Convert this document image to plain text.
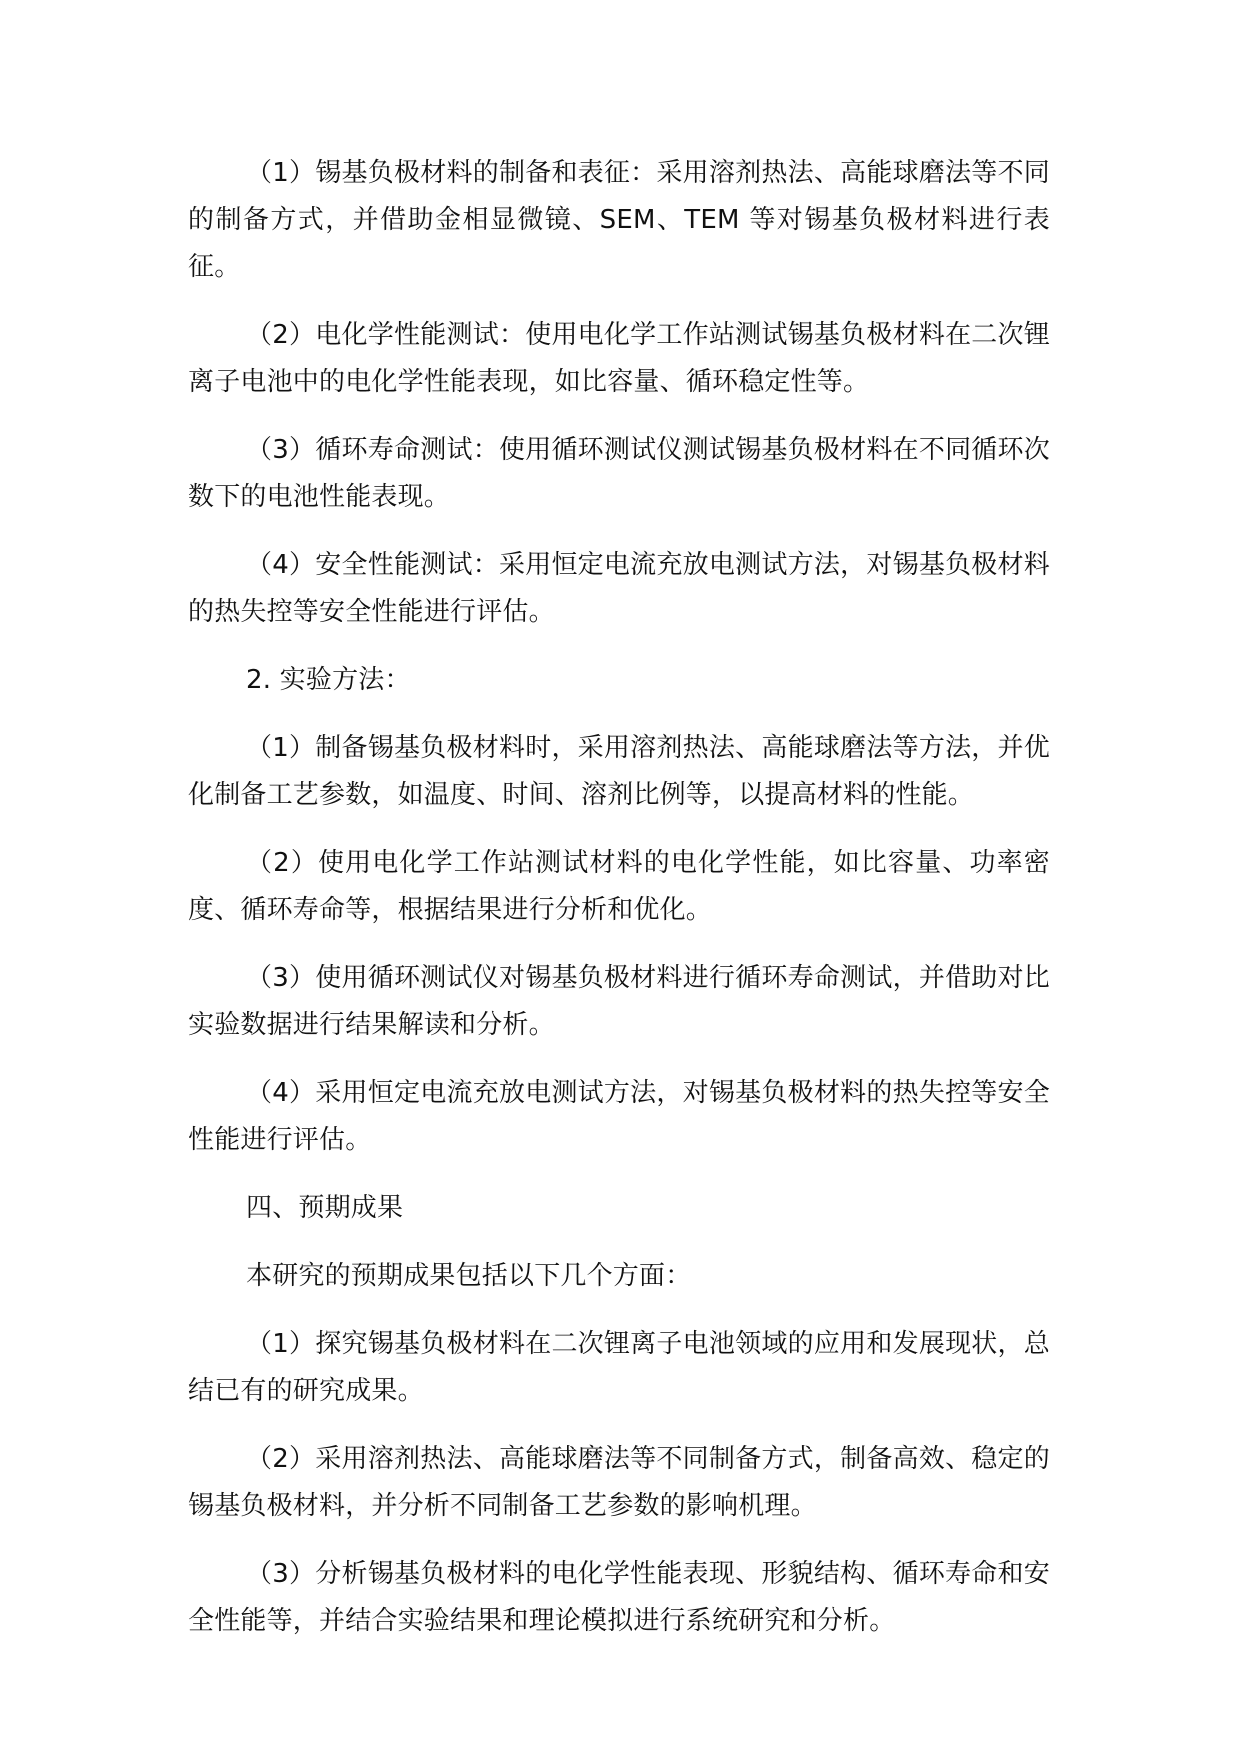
（1）锡基负极材料的制备和表征：采用溶剂热法、高能球磨法等不同的制备方式，并借助金相显微镜、SEM、TEM 等对锡基负极材料进行表征。

（2）电化学性能测试：使用电化学工作站测试锡基负极材料在二次锂离子电池中的电化学性能表现，如比容量、循环稳定性等。

（3）循环寿命测试：使用循环测试仪测试锡基负极材料在不同循环次数下的电池性能表现。

（4）安全性能测试：采用恒定电流充放电测试方法，对锡基负极材料的热失控等安全性能进行评估。

2. 实验方法：

（1）制备锡基负极材料时，采用溶剂热法、高能球磨法等方法，并优化制备工艺参数，如温度、时间、溶剂比例等，以提高材料的性能。

（2）使用电化学工作站测试材料的电化学性能，如比容量、功率密度、循环寿命等，根据结果进行分析和优化。

（3）使用循环测试仪对锡基负极材料进行循环寿命测试，并借助对比实验数据进行结果解读和分析。

（4）采用恒定电流充放电测试方法，对锡基负极材料的热失控等安全性能进行评估。

四、预期成果

本研究的预期成果包括以下几个方面：

（1）探究锡基负极材料在二次锂离子电池领域的应用和发展现状，总结已有的研究成果。

（2）采用溶剂热法、高能球磨法等不同制备方式，制备高效、稳定的锡基负极材料，并分析不同制备工艺参数的影响机理。

（3）分析锡基负极材料的电化学性能表现、形貌结构、循环寿命和安全性能等，并结合实验结果和理论模拟进行系统研究和分析。
